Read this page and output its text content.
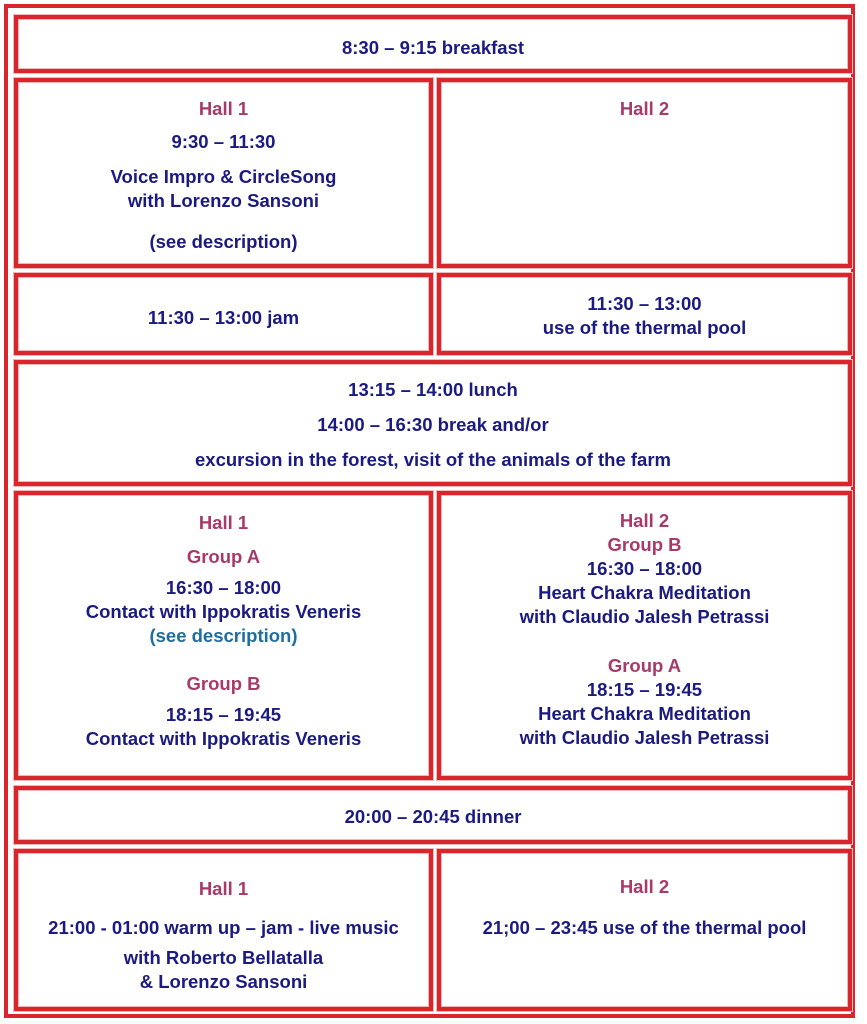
8:30 – 9:15 breakfast
Hall 1
9:30 – 11:30
Voice Impro & CircleSong
with Lorenzo Sansoni
(see description)
Hall 2
11:30 – 13:00 jam
11:30 – 13:00
use of the thermal pool
13:15 – 14:00 lunch
14:00 – 16:30 break and/or
excursion in the forest, visit of the animals of the farm
Hall 1
Group A
16:30 – 18:00
Contact with Ippokratis Veneris
(see description)
Group B
18:15 – 19:45
Contact with Ippokratis Veneris
Hall 2
Group B
16:30 – 18:00
Heart Chakra Meditation
with Claudio Jalesh Petrassi
Group A
18:15 – 19:45
Heart Chakra Meditation
with Claudio Jalesh Petrassi
20:00 – 20:45 dinner
Hall 1
21:00 - 01:00 warm up – jam - live music
with Roberto Bellatalla
& Lorenzo Sansoni
Hall 2
21;00 – 23:45 use of the thermal pool
